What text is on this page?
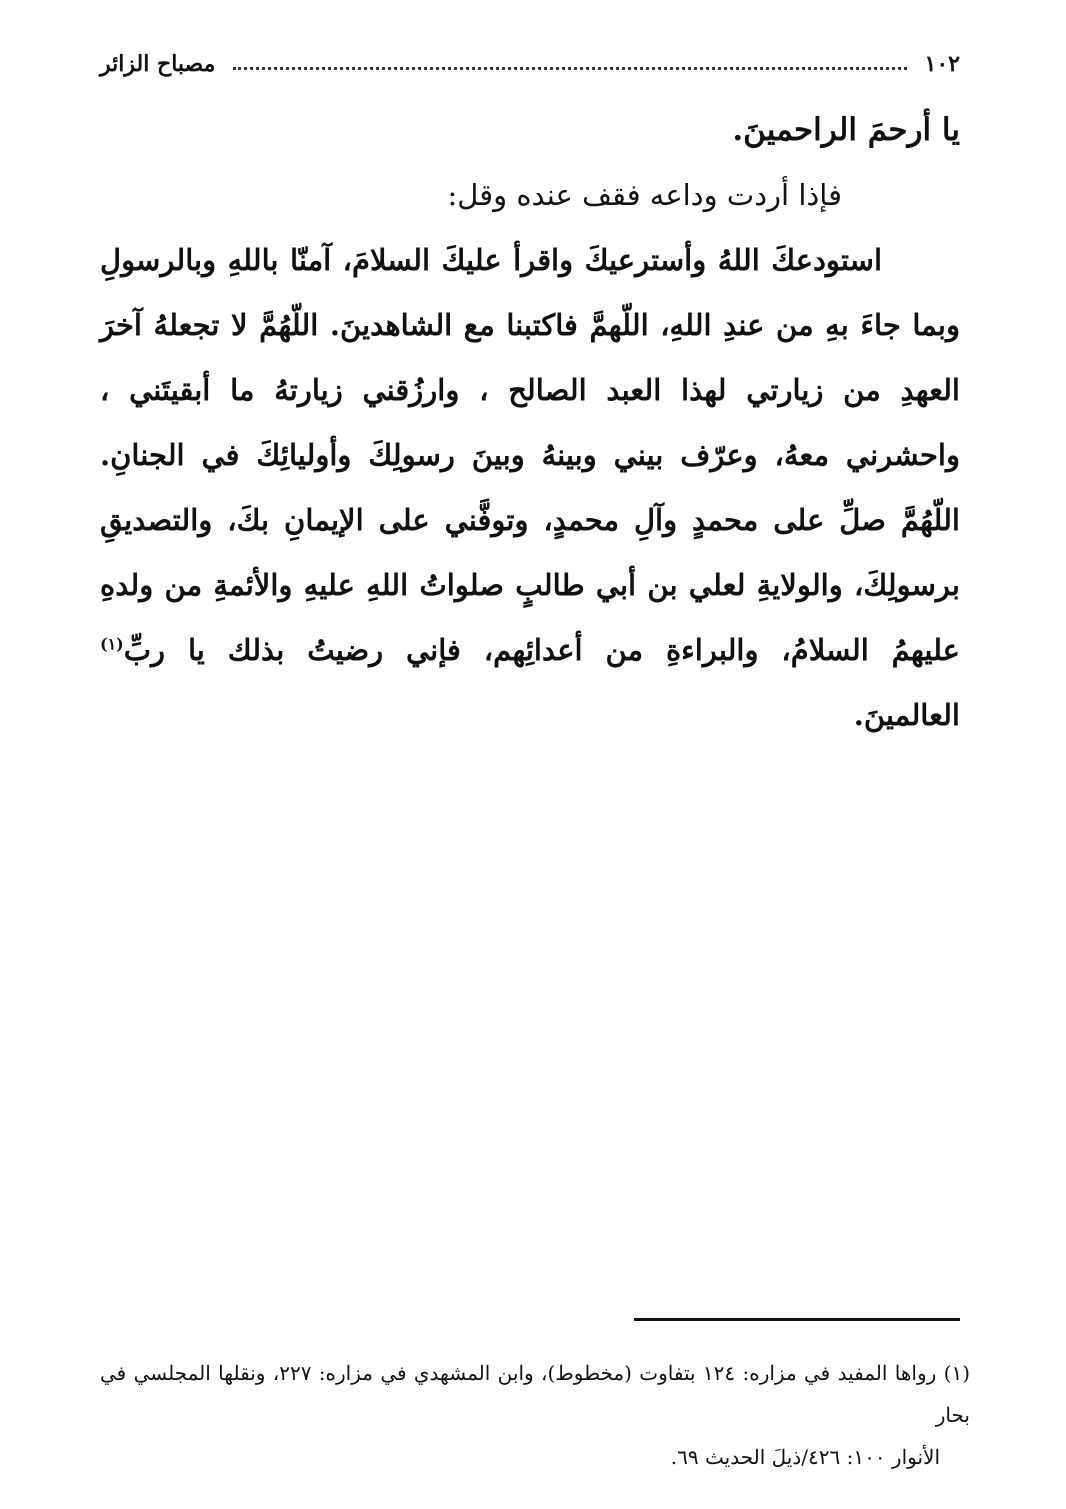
١٠٢
مصباح الزائر

يا أرحمَ الراحمينَ.

فإذا أردت وداعه فقف عنده وقل:

استودعكَ اللهُ وأسترعيكَ واقرأ عليكَ السلامَ، آمنّا باللهِ وبالرسولِ وبما جاءَ بهِ من عندِ اللهِ، اللّهمَّ فاكتبنا مع الشاهدينَ. اللّهُمَّ لا تجعلهُ آخرَ العهدِ من زيارتي لهذا العبد الصالح ، وارزُقني زيارتهُ ما أبقيتَني ، واحشرني معهُ، وعرّف بيني وبينهُ وبينَ رسولِكَ وأوليائِكَ في الجنانِ. اللّهُمَّ صلِّ على محمدٍ وآلِ محمدٍ، وتوفَّني على الإيمانِ بكَ، والتصديقِ برسولِكَ، والولايةِ لعلي بن أبي طالبٍ صلواتُ اللهِ عليهِ والأئمةِ من ولدهِ عليهمُ السلامُ، والبراءةِ من أعدائِهم، فإني رضيتُ بذلك يا ربِّ$^{(١)}$ العالمينَ.

(١) رواها المفيد في مزاره: ١٢٤ بتفاوت (مخطوط)، وابن المشهدي في مزاره: ٢٢٧، ونقلها المجلسي في بحار
الأنوار ١٠٠: ٤٢٦/ذيلَ الحديث ٦٩.
